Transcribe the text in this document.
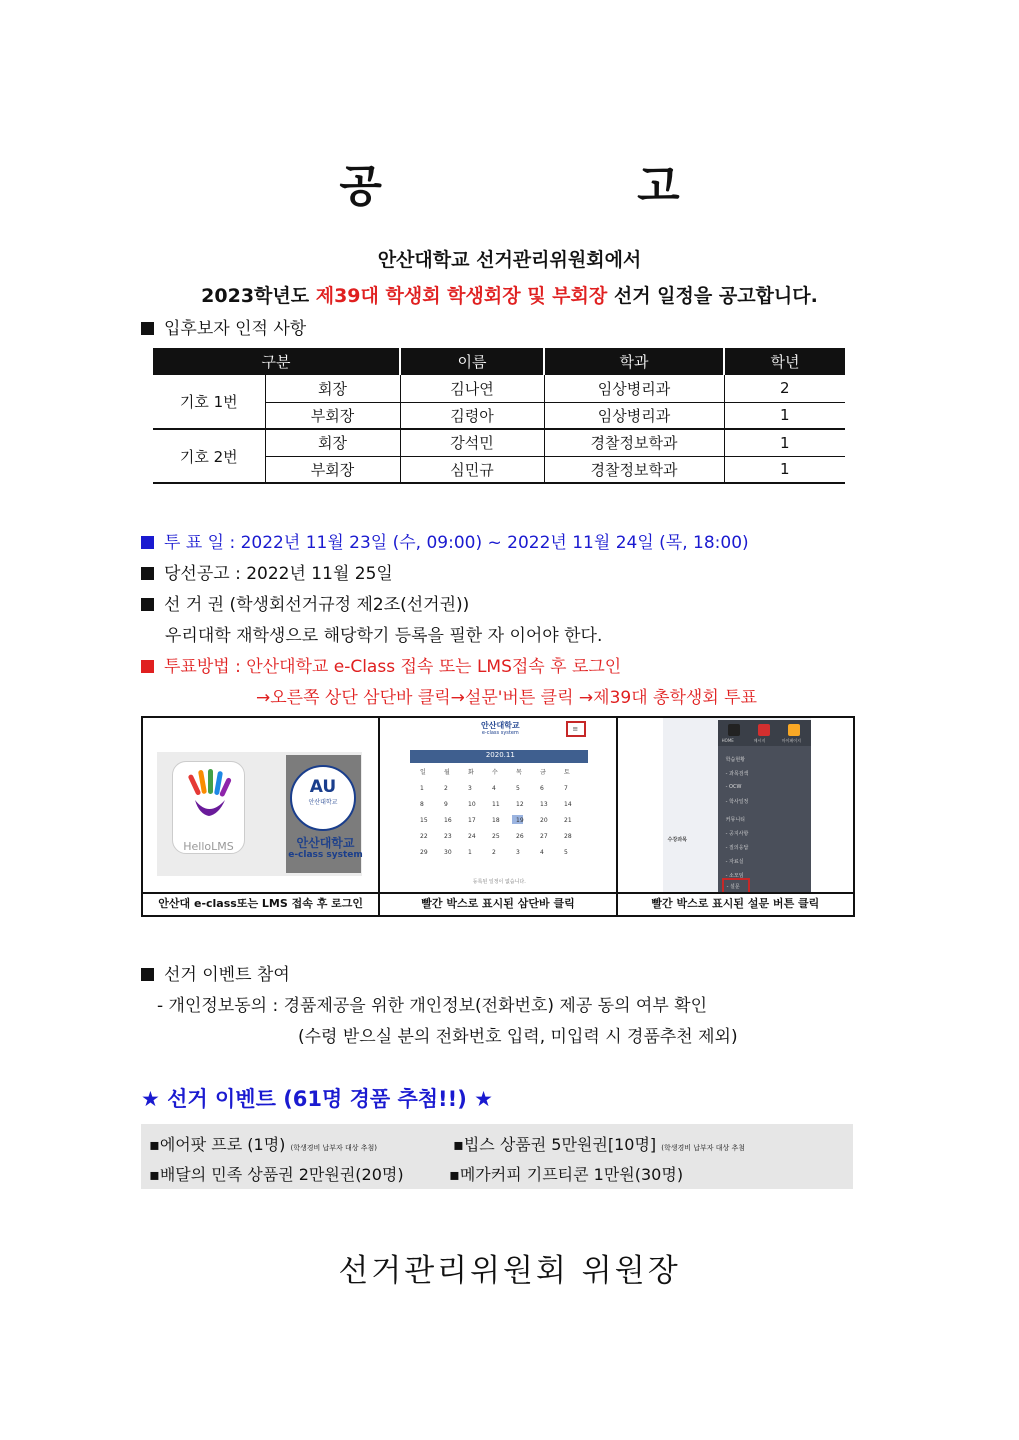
공 고
안산대학교 선거관리위원회에서
2023학년도 제39대 학생회 학생회장 및 부회장 선거 일정을 공고합니다.
입후보자 인적 사항
구분		이름	학과	학년
기호 1번	회장	김나연	임상병리과	2
	부회장	김령아	임상병리과	1
기호 2번	회장	강석민	경찰정보학과	1
	부회장	심민규	경찰정보학과	1
투 표 일 : 2022년 11월 23일 (수, 09:00) ~ 2022년 11월 24일 (목, 18:00)
당선공고 : 2022년 11월 25일
선 거 권 (학생회선거규정 제2조(선거권))
우리대학 재학생으로 해당학기 등록을 필한 자 이어야 한다.
투표방법 : 안산대학교 e-Class 접속 또는 LMS접속 후 로그인
→오른쪽 상단 삼단바 클릭→설문'버튼 클릭 →제39대 총학생회 투표
HelloLMS
AU
안산대학교
안산대학교
e-class system
안산대 e-class또는 LMS 접속 후 로그인
안산대학교
e-class system	≡
2020.11
일	월	화	수	목	금	토
1	2	3	4	5	6	7
8	9	10	11	12	13	14
15	16	17	18	19	20	21
22	23	24	25	26	27	28
29	30	1	2	3	4	5
등록된 일정이 없습니다.
빨간 박스로 표시된 삼단바 클릭
HOME	메시지	마이페이지
학습현황
- 과목검색
- OCW
- 학사일정
커뮤니티
- 공지사항
- 질의응답
- 자료실
- 소모임
- 설문
수강과목
빨간 박스로 표시된 설문 버튼 클릭
선거 이벤트 참여
- 개인정보동의 : 경품제공을 위한 개인정보(전화번호) 제공 동의 여부 확인
(수령 받으실 분의 전화번호 입력, 미입력 시 경품추천 제외)
★ 선거 이벤트 (61명 경품 추첨!!) ★
▪에어팟 프로 (1명) (학생경비 납부자 대상 추첨)	▪빕스 상품권 5만원권[10명] (학생경비 납부자 대상 추첨
▪배달의 민족 상품권 2만원권(20명)	▪메가커피 기프티콘 1만원(30명)
선거관리위원회 위원장
